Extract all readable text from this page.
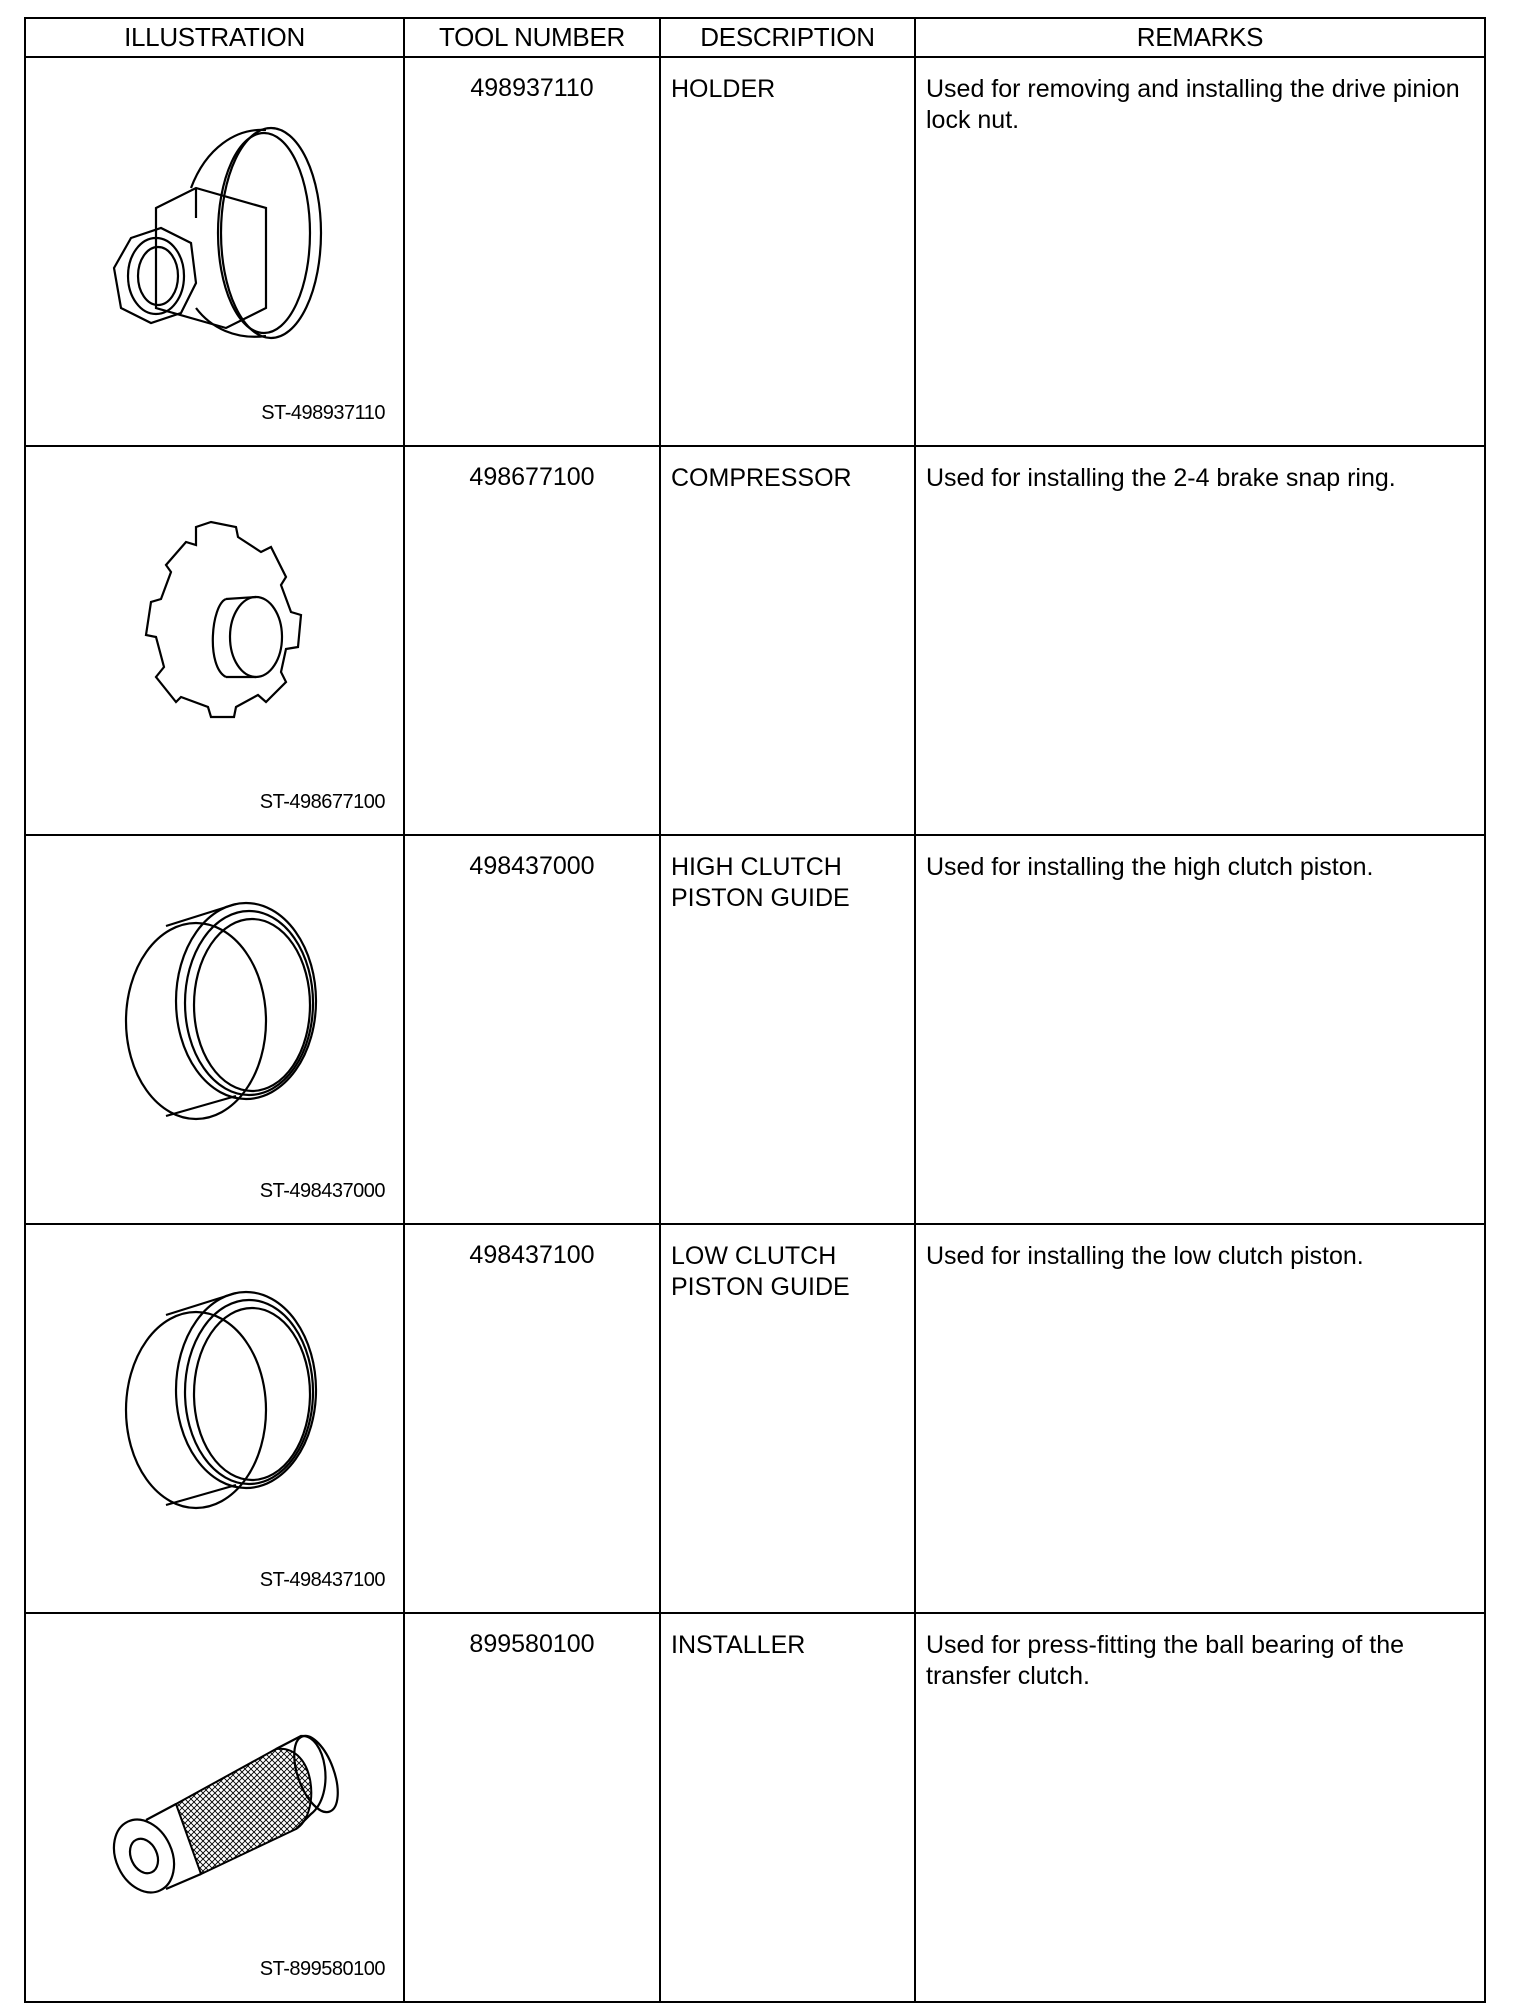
ILLUSTRATION	TOOL NUMBER	DESCRIPTION	REMARKS

ST-498937110	498937110	HOLDER	Used for removing and installing the drive pinion lock nut.

ST-498677100	498677100	COMPRESSOR	Used for installing the 2-4 brake snap ring.

ST-498437000	498437000	HIGH CLUTCH PISTON GUIDE	Used for installing the high clutch piston.

ST-498437100	498437100	LOW CLUTCH PISTON GUIDE	Used for installing the low clutch piston.

ST-899580100	899580100	INSTALLER	Used for press-fitting the ball bearing of the transfer clutch.
